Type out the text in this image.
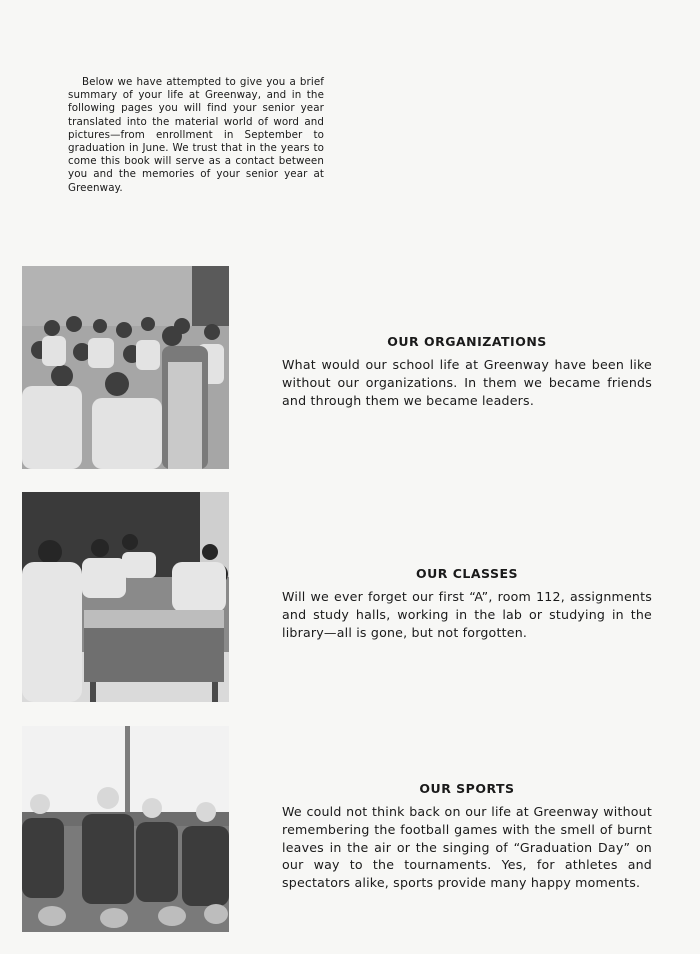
Below we have attempted to give you a brief summary of your life at Greenway, and in the following pages you will find your senior year translated into the material world of word and pictures—from enrollment in September to graduation in June. We trust that in the years to come this book will serve as a contact between you and the memories of your senior year at Greenway.
OUR ORGANIZATIONS

What would our school life at Greenway have been like without our organizations. In them we became friends and through them we became leaders.

OUR CLASSES

Will we ever forget our first “A”, room 112, assignments and study halls, working in the lab or studying in the library—all is gone, but not forgotten.

OUR SPORTS

We could not think back on our life at Greenway without remembering the football games with the smell of burnt leaves in the air or the singing of “Graduation Day” on our way to the tournaments. Yes, for athletes and spectators alike, sports provide many happy moments.
